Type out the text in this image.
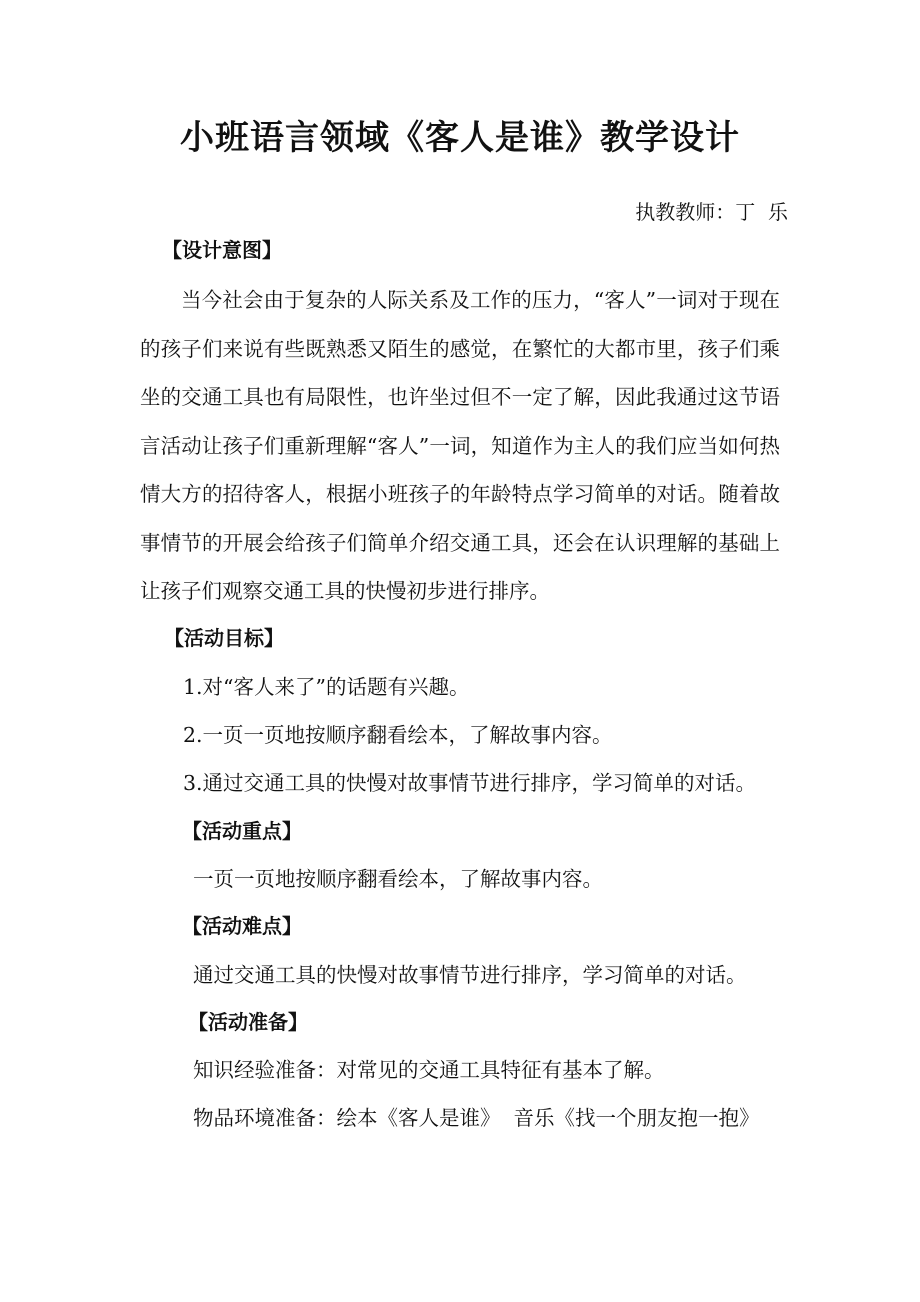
小班语言领域《客人是谁》教学设计
执教教师：丁  乐
【设计意图】

当今社会由于复杂的人际关系及工作的压力，“客人”一词对于现在的孩子们来说有些既熟悉又陌生的感觉，在繁忙的大都市里，孩子们乘坐的交通工具也有局限性，也许坐过但不一定了解，因此我通过这节语言活动让孩子们重新理解“客人”一词，知道作为主人的我们应当如何热情大方的招待客人，根据小班孩子的年龄特点学习简单的对话。随着故事情节的开展会给孩子们简单介绍交通工具，还会在认识理解的基础上让孩子们观察交通工具的快慢初步进行排序。

【活动目标】
1.对“客人来了”的话题有兴趣。
2.一页一页地按顺序翻看绘本，了解故事内容。
3.通过交通工具的快慢对故事情节进行排序，学习简单的对话。
【活动重点】
一页一页地按顺序翻看绘本，了解故事内容。
【活动难点】
通过交通工具的快慢对故事情节进行排序，学习简单的对话。
【活动准备】
知识经验准备：对常见的交通工具特征有基本了解。
物品环境准备：绘本《客人是谁》  音乐《找一个朋友抱一抱》
